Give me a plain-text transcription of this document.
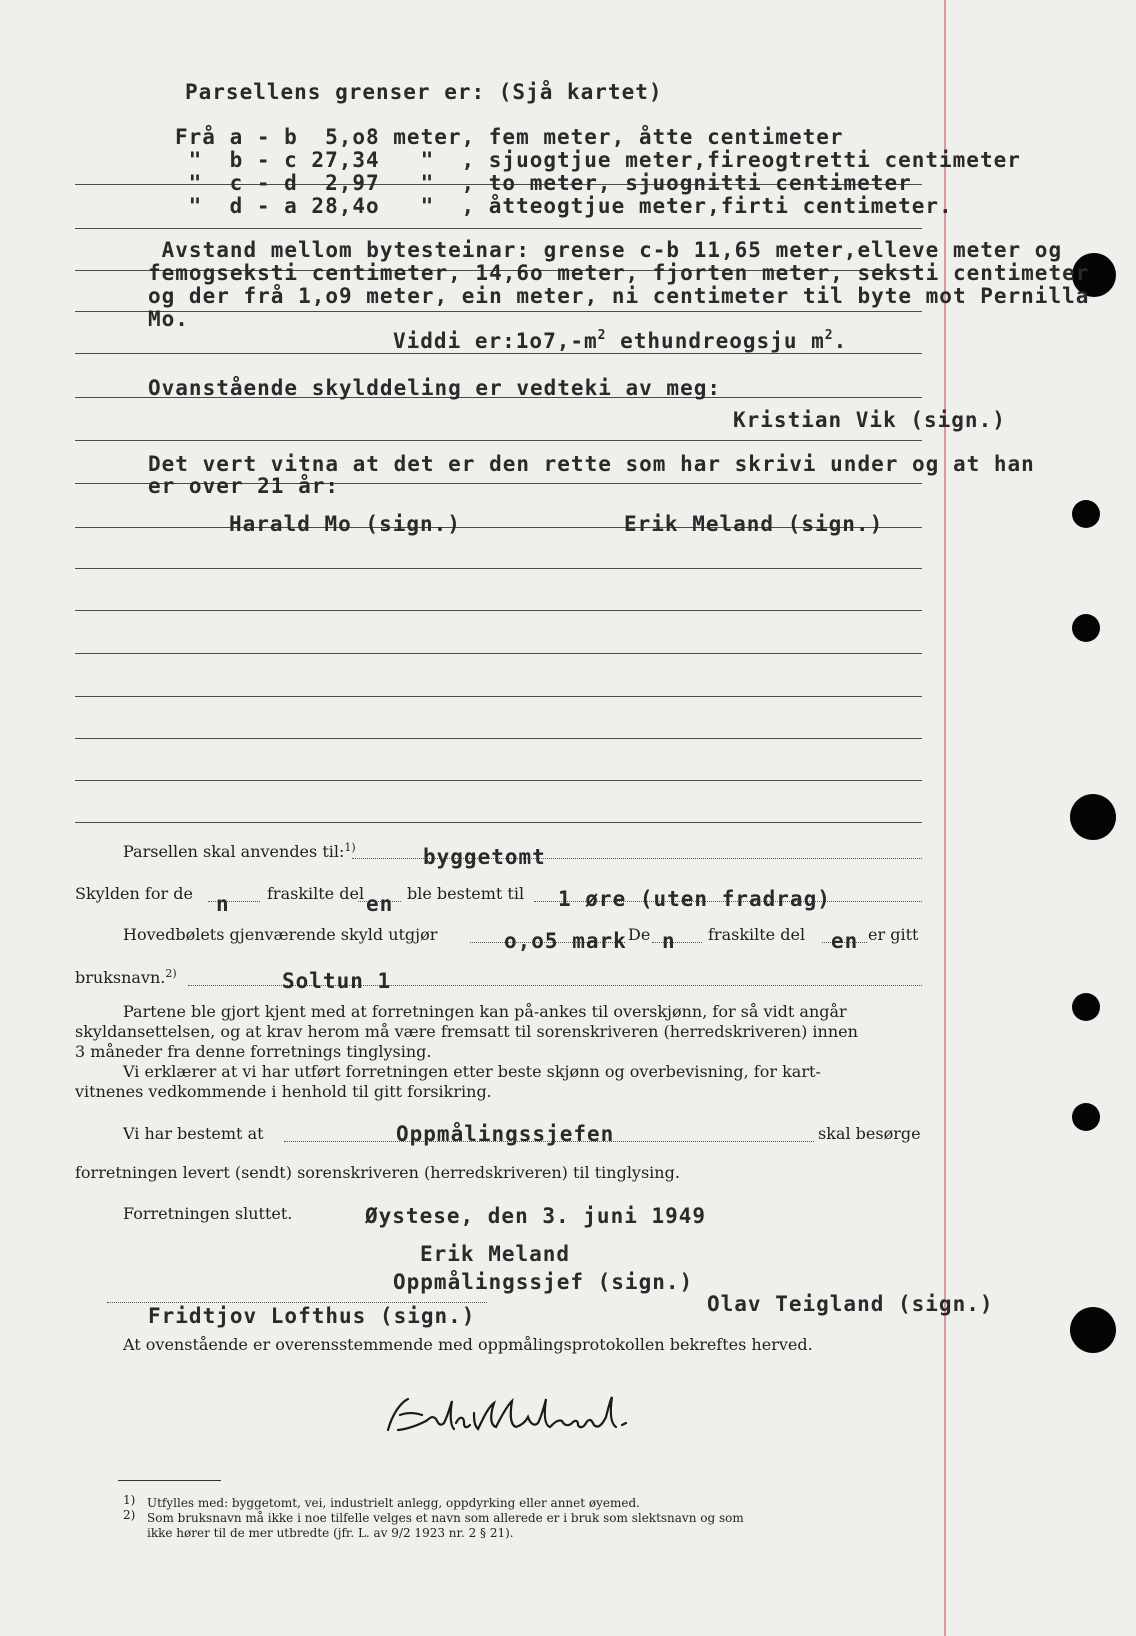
Parsellens grenser er: (Sjå kartet)
Frå a - b  5,o8 meter, fem meter, åtte centimeter
"  b - c 27,34   "  , sjuogtjue meter,fireogtretti centimeter
"  c - d  2,97   "  , to meter, sjuognitti centimeter
"  d - a 28,4o   "  , åtteogtjue meter,firti centimeter.
Avstand mellom bytesteinar: grense c-b 11,65 meter,elleve meter og
femogseksti centimeter, 14,6o meter, fjorten meter, seksti centimeter
og der frå 1,o9 meter, ein meter, ni centimeter til byte mot Pernilla
Mo.
Viddi $er:1o7,-m^2$ ethundreogsju $m^2$.
Ovanstående skylddeling er vedteki av meg:
Kristian Vik (sign.)
Det vert vitna at det er den rette som har skrivi under og at han
er over 21 år:
Harald Mo (sign.)	Erik Meland (sign.)
Parsellen skal anvendes til:$^{1)}$	byggetomt
Skylden for de n fraskilte del en ble bestemt til 1 øre (uten fradrag)
Hovedbølets gjenværende skyld utgjør	o,o5 mark De n fraskilte del en er gitt
bruksnavn.$^{2)}$	Soltun 1
Partene ble gjort kjent med at forretningen kan på-ankes til overskjønn, for så vidt angår
skyldansettelsen, og at krav herom må være fremsatt til sorenskriveren (herredskriveren) innen
3 måneder fra denne forretnings tinglysing.
Vi erklærer at vi har utført forretningen etter beste skjønn og overbevisning, for kart-
vitnenes vedkommende i henhold til gitt forsikring.
Vi har bestemt at	Oppmålingssjefen	skal besørge
forretningen levert (sendt) sorenskriveren (herredskriveren) til tinglysing.
Forretningen sluttet.	Øystese, den 3. juni 1949
Erik Meland
Oppmålingssjef (sign.)
Fridtjov Lofthus (sign.)	Olav Teigland (sign.)
At ovenstående er overensstemmende med oppmålingsprotokollen bekreftes herved.
1) Utfylles med: byggetomt, vei, industrielt anlegg, oppdyrking eller annet øyemed.
2) Som bruksnavn må ikke i noe tilfelle velges et navn som allerede er i bruk som slektsnavn og som
ikke hører til de mer utbredte (jfr. L. av 9/2 1923 nr. 2 § 21).
